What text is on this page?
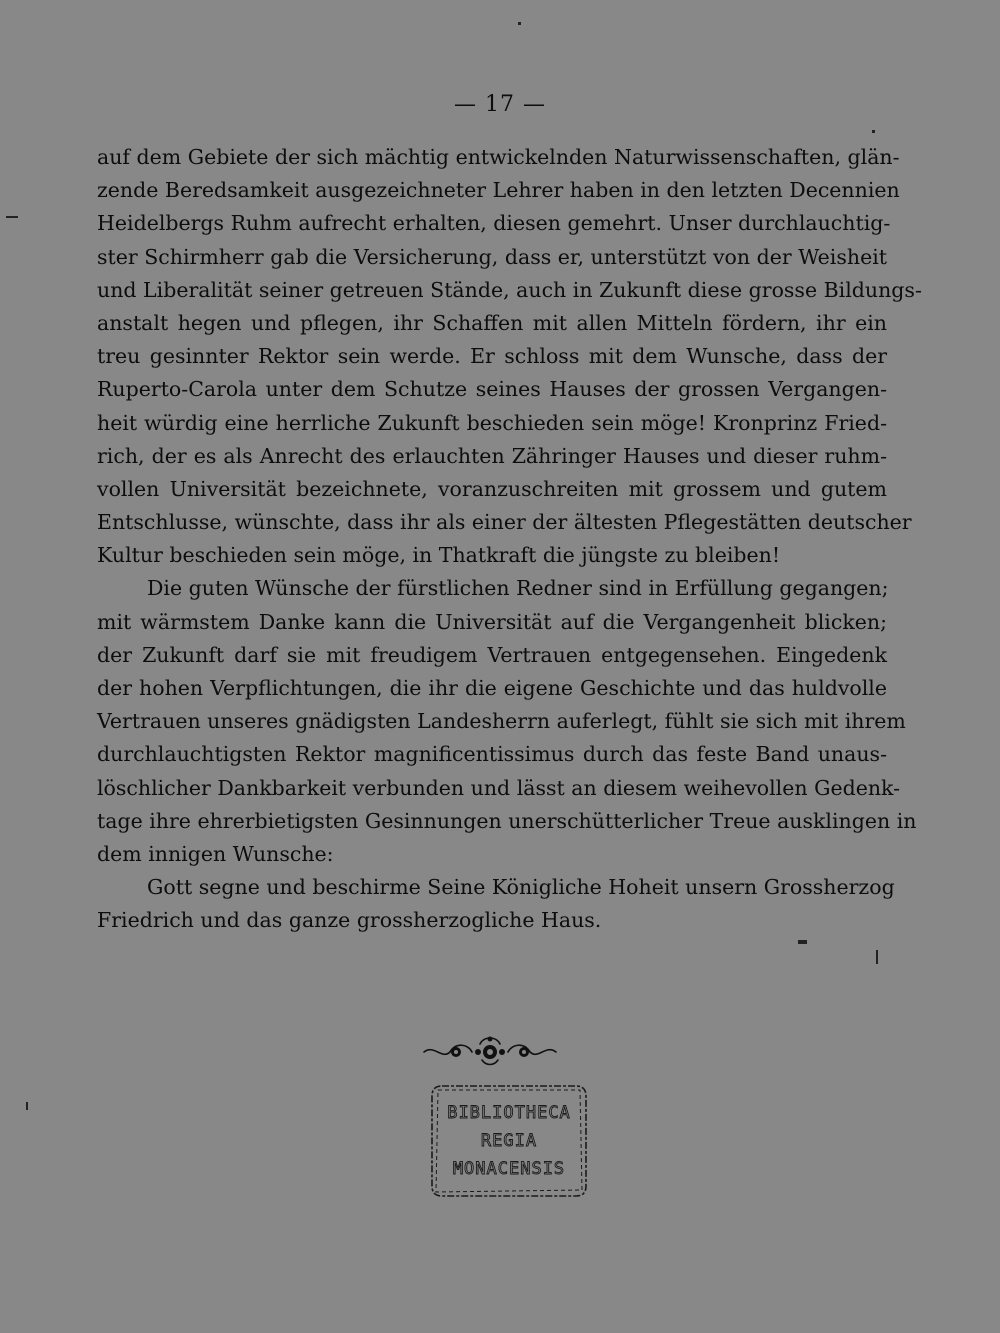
— 17 —

auf dem Gebiete der sich mächtig entwickelnden Naturwissenschaften, glän-
zende Beredsamkeit ausgezeichneter Lehrer haben in den letzten Decennien
Heidelbergs Ruhm aufrecht erhalten, diesen gemehrt. Unser durchlauchtig-
ster Schirmherr gab die Versicherung, dass er, unterstützt von der Weisheit
und Liberalität seiner getreuen Stände, auch in Zukunft diese grosse Bildungs-
anstalt hegen und pflegen, ihr Schaffen mit allen Mitteln fördern, ihr ein
treu gesinnter Rektor sein werde. Er schloss mit dem Wunsche, dass der
Ruperto-Carola unter dem Schutze seines Hauses der grossen Vergangen-
heit würdig eine herrliche Zukunft beschieden sein möge! Kronprinz Fried-
rich, der es als Anrecht des erlauchten Zähringer Hauses und dieser ruhm-
vollen Universität bezeichnete, voranzuschreiten mit grossem und gutem
Entschlusse, wünschte, dass ihr als einer der ältesten Pflegestätten deutscher
Kultur beschieden sein möge, in Thatkraft die jüngste zu bleiben!

Die guten Wünsche der fürstlichen Redner sind in Erfüllung gegangen;
mit wärmstem Danke kann die Universität auf die Vergangenheit blicken;
der Zukunft darf sie mit freudigem Vertrauen entgegensehen. Eingedenk
der hohen Verpflichtungen, die ihr die eigene Geschichte und das huldvolle
Vertrauen unseres gnädigsten Landesherrn auferlegt, fühlt sie sich mit ihrem
durchlauchtigsten Rektor magnificentissimus durch das feste Band unaus-
löschlicher Dankbarkeit verbunden und lässt an diesem weihevollen Gedenk-
tage ihre ehrerbietigsten Gesinnungen unerschütterlicher Treue ausklingen in
dem innigen Wunsche:

Gott segne und beschirme Seine Königliche Hoheit unsern Grossherzog
Friedrich und das ganze grossherzogliche Haus.

BIBLIOTHECA
REGIA
MONACENSIS
